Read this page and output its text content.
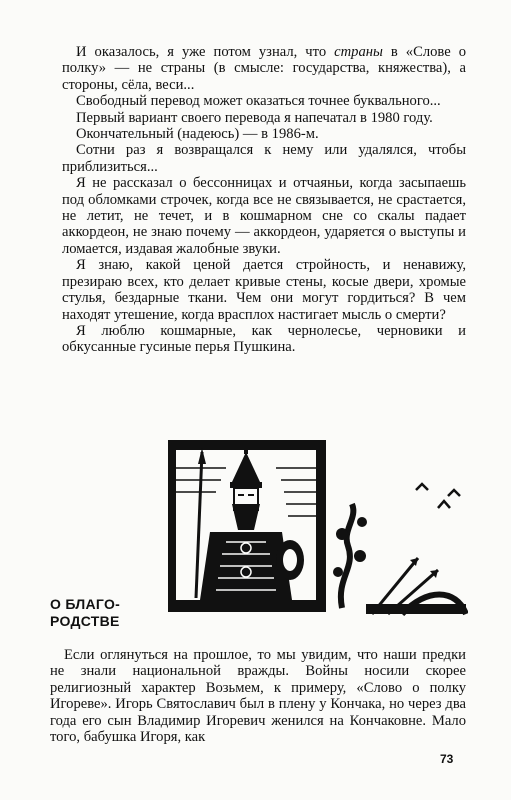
И оказалось, я уже потом узнал, что страны в «Слове о полку» — не страны (в смысле: государства, княжества), а стороны, сёла, веси...

Свободный перевод может оказаться точнее буквального...

Первый вариант своего перевода я напечатал в 1980 году.

Окончательный (надеюсь) — в 1986-м.

Сотни раз я возвращался к нему или удалялся, чтобы приблизиться...

Я не рассказал о бессонницах и отчаяньи, когда засыпаешь под обломками строчек, когда все не связывается, не срастается, не летит, не течет, и в кошмарном сне со скалы падает аккордеон, не знаю почему — аккордеон, ударяется о выступы и ломается, издавая жалобные звуки.

Я знаю, какой ценой дается стройность, и ненавижу, презираю всех, кто делает кривые стены, косые двери, хромые стулья, бездарные ткани. Чем они могут гордиться? В чем находят утешение, когда врасплох настигает мысль о смерти?

Я люблю кошмарные, как чернолесье, черновики и обкусанные гусиные перья Пушкина.

О БЛАГО-
РОДСТВЕ

Если оглянуться на прошлое, то мы увидим, что наши предки не знали национальной вражды. Войны носили скорее религиозный характер Возьмем, к примеру, «Слово о полку Игореве». Игорь Святославич был в плену у Кончака, но через два года его сын Владимир Игоревич женился на Кончаковне. Мало того, бабушка Игоря, как

73
